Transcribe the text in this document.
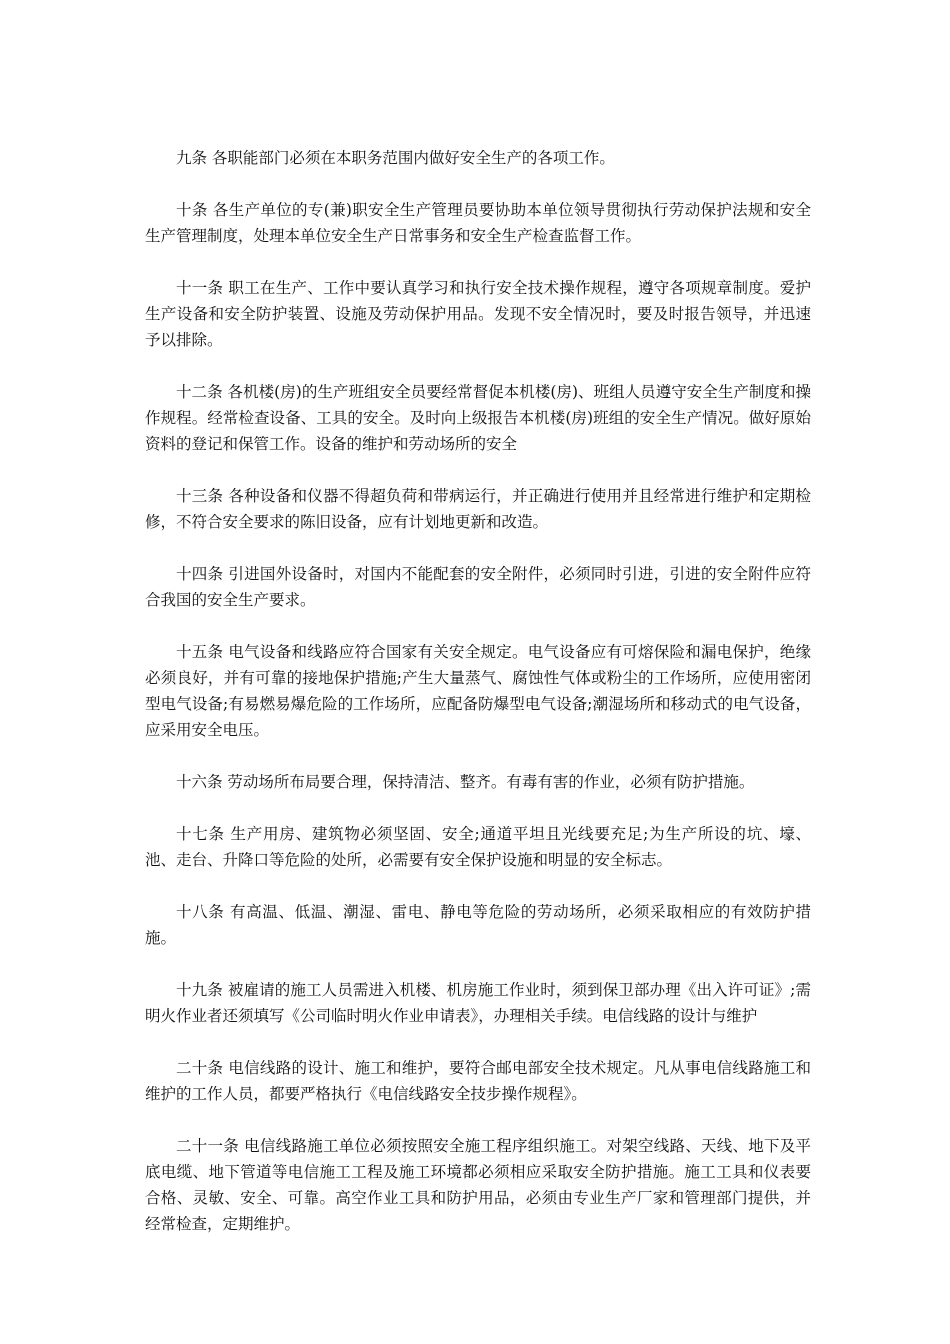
九条 各职能部门必须在本职务范围内做好安全生产的各项工作。

十条 各生产单位的专(兼)职安全生产管理员要协助本单位领导贯彻执行劳动保护法规和安全生产管理制度，处理本单位安全生产日常事务和安全生产检查监督工作。

十一条 职工在生产、工作中要认真学习和执行安全技术操作规程，遵守各项规章制度。爱护生产设备和安全防护装置、设施及劳动保护用品。发现不安全情况时，要及时报告领导，并迅速予以排除。

十二条 各机楼(房)的生产班组安全员要经常督促本机楼(房)、班组人员遵守安全生产制度和操作规程。经常检查设备、工具的安全。及时向上级报告本机楼(房)班组的安全生产情况。做好原始资料的登记和保管工作。设备的维护和劳动场所的安全

十三条 各种设备和仪器不得超负荷和带病运行，并正确进行使用并且经常进行维护和定期检修，不符合安全要求的陈旧设备，应有计划地更新和改造。

十四条 引进国外设备时，对国内不能配套的安全附件，必须同时引进，引进的安全附件应符合我国的安全生产要求。

十五条 电气设备和线路应符合国家有关安全规定。电气设备应有可熔保险和漏电保护，绝缘必须良好，并有可靠的接地保护措施;产生大量蒸气、腐蚀性气体或粉尘的工作场所，应使用密闭型电气设备;有易燃易爆危险的工作场所，应配备防爆型电气设备;潮湿场所和移动式的电气设备，应采用安全电压。

十六条 劳动场所布局要合理，保持清洁、整齐。有毒有害的作业，必须有防护措施。

十七条 生产用房、建筑物必须坚固、安全;通道平坦且光线要充足;为生产所设的坑、壕、池、走台、升降口等危险的处所，必需要有安全保护设施和明显的安全标志。

十八条 有高温、低温、潮湿、雷电、静电等危险的劳动场所，必须采取相应的有效防护措施。

十九条 被雇请的施工人员需进入机楼、机房施工作业时，须到保卫部办理《出入许可证》;需明火作业者还须填写《公司临时明火作业申请表》，办理相关手续。电信线路的设计与维护

二十条 电信线路的设计、施工和维护，要符合邮电部安全技术规定。凡从事电信线路施工和维护的工作人员，都要严格执行《电信线路安全技步操作规程》。

二十一条 电信线路施工单位必须按照安全施工程序组织施工。对架空线路、天线、地下及平底电缆、地下管道等电信施工工程及施工环境都必须相应采取安全防护措施。施工工具和仪表要合格、灵敏、安全、可靠。高空作业工具和防护用品，必须由专业生产厂家和管理部门提供，并经常检查，定期维护。
